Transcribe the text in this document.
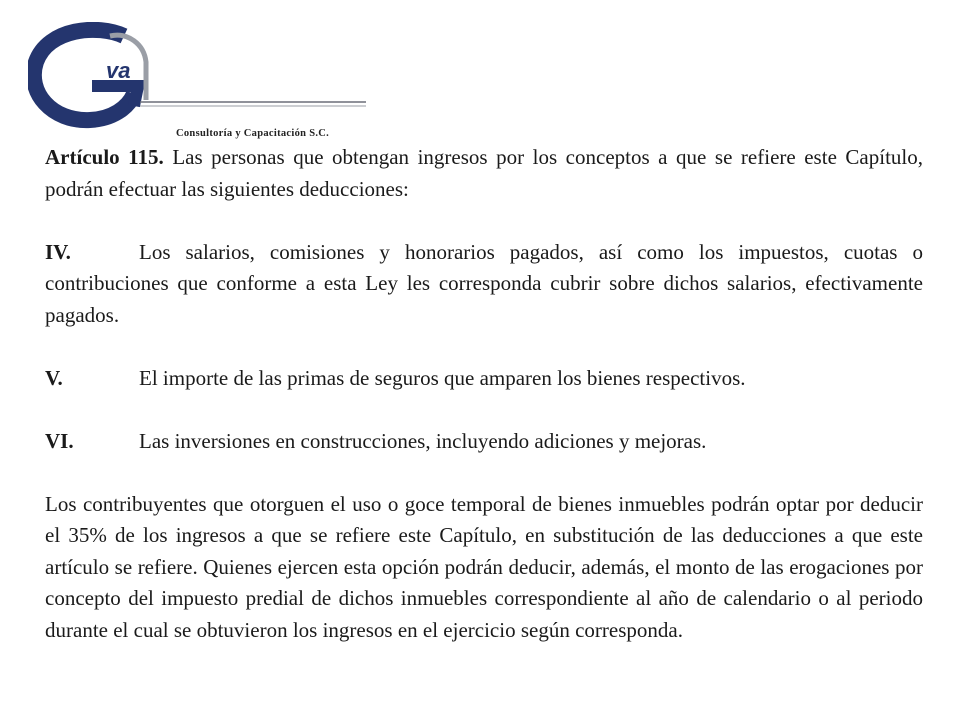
va
Consultoría y Capacitación S.C.

Artículo 115. Las personas que obtengan ingresos por los conceptos a que se refiere este Capítulo, podrán efectuar las siguientes deducciones:

IV.	Los salarios, comisiones y honorarios pagados, así como los impuestos, cuotas o contribuciones que conforme a esta Ley les corresponda cubrir sobre dichos salarios, efectivamente pagados.

V.	El importe de las primas de seguros que amparen los bienes respectivos.

VI.	Las inversiones en construcciones, incluyendo adiciones y mejoras.

Los contribuyentes que otorguen el uso o goce temporal de bienes inmuebles podrán optar por deducir el 35% de los ingresos a que se refiere este Capítulo, en substitución de las deducciones a que este artículo se refiere. Quienes ejercen esta opción podrán deducir, además, el monto de las erogaciones por concepto del impuesto predial de dichos inmuebles correspondiente al año de calendario o al periodo durante el cual se obtuvieron los ingresos en el ejercicio según corresponda.
